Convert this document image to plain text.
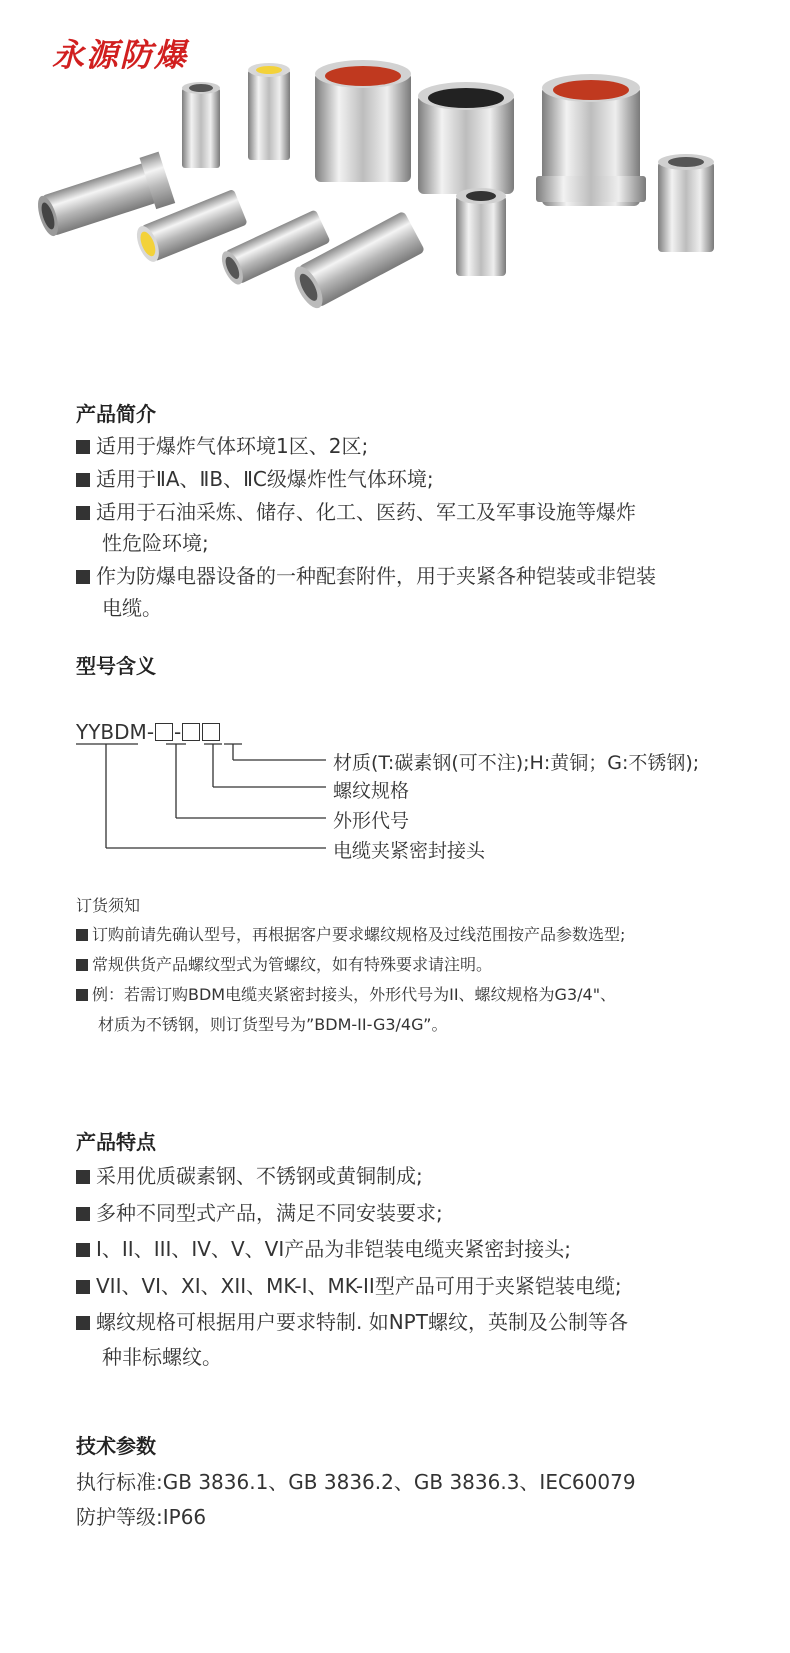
永源防爆
产品简介
适用于爆炸气体环境1区、2区;
适用于ⅡA、ⅡB、ⅡC级爆炸性气体环境;
适用于石油采炼、储存、化工、医药、军工及军事设施等爆炸
性危险环境;
作为防爆电器设备的一种配套附件，用于夹紧各种铠装或非铠装
电缆。
型号含义
YYBDM- -
材质(T:碳素钢(可不注);H:黄铜；G:不锈钢);
螺纹规格
外形代号
电缆夹紧密封接头
订货须知
订购前请先确认型号，再根据客户要求螺纹规格及过线范围按产品参数选型;
常规供货产品螺纹型式为管螺纹，如有特殊要求请注明。
例：若需订购BDM电缆夹紧密封接头，外形代号为II、螺纹规格为G3/4"、
材质为不锈钢，则订货型号为”BDM-II-G3/4G”。
产品特点
采用优质碳素钢、不锈钢或黄铜制成;
多种不同型式产品，满足不同安装要求;
I、II、III、IV、V、VI产品为非铠装电缆夹紧密封接头;
VII、VI、XI、XII、MK-I、MK-II型产品可用于夹紧铠装电缆;
螺纹规格可根据用户要求特制. 如NPT螺纹，英制及公制等各
种非标螺纹。
技术参数
执行标准:GB 3836.1、GB 3836.2、GB 3836.3、IEC60079
防护等级:IP66
